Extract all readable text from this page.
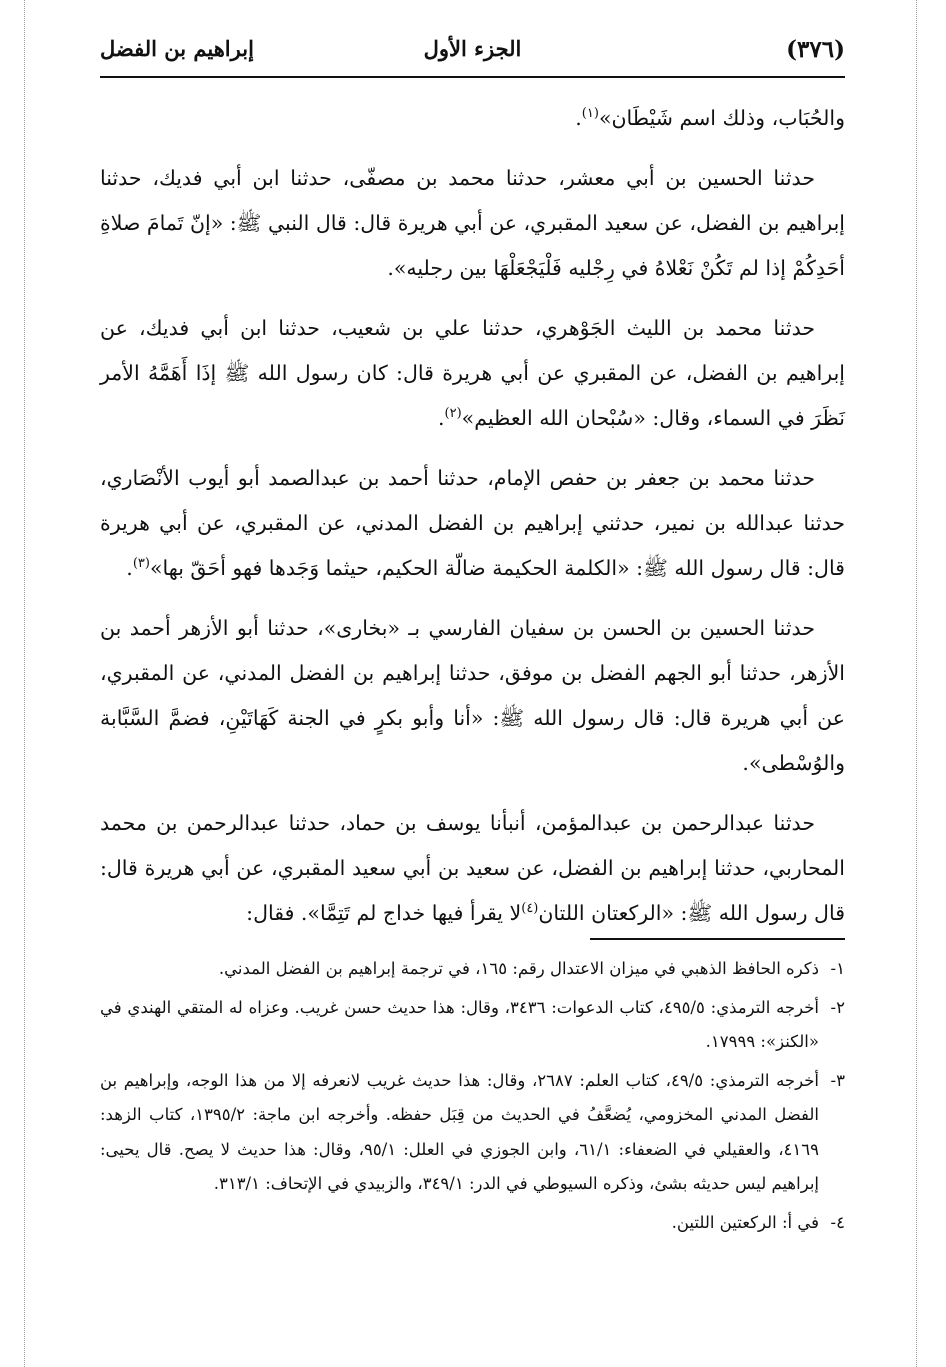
(٣٧٦)
الجزء الأول
إبراهيم بن الفضل

والحُبَاب، وذلك اسم شَيْطَان»$^{(١)}$.

حدثنا الحسين بن أبي معشر، حدثنا محمد بن مصفّى، حدثنا ابن أبي فديك، حدثنا إبراهيم بن الفضل، عن سعيد المقبري، عن أبي هريرة قال: قال النبي ﷺ: «إنّ تَمامَ صلاةِ أحَدِكُمْ إذا لم تَكُنْ نَعْلاهُ في رِجْليه فَلْيَجْعَلْهَا بين رجليه».

حدثنا محمد بن الليث الجَوْهري، حدثنا علي بن شعيب، حدثنا ابن أبي فديك، عن إبراهيم بن الفضل، عن المقبري عن أبي هريرة قال: كان رسول الله ﷺ إذَا أَهَمَّهُ الأمر نَظَرَ في السماء، وقال: «سُبْحان الله العظيم»$^{(٢)}$.

حدثنا محمد بن جعفر بن حفص الإمام، حدثنا أحمد بن عبدالصمد أبو أيوب الأنْصَاري، حدثنا عبدالله بن نمير، حدثني إبراهيم بن الفضل المدني، عن المقبري، عن أبي هريرة قال: قال رسول الله ﷺ: «الكلمة الحكيمة ضالّة الحكيم، حيثما وَجَدها فهو أحَقّ بها»$^{(٣)}$.

حدثنا الحسين بن الحسن بن سفيان الفارسي بـ «بخارى»، حدثنا أبو الأزهر أحمد بن الأزهر، حدثنا أبو الجهم الفضل بن موفق، حدثنا إبراهيم بن الفضل المدني، عن المقبري، عن أبي هريرة قال: قال رسول الله ﷺ: «أنا وأبو بكرٍ في الجنة كَهَاتَيْنِ، فضمَّ السَّبَّابة والوُسْطى».

حدثنا عبدالرحمن بن عبدالمؤمن، أنبأنا يوسف بن حماد، حدثنا عبدالرحمن بن محمد المحاربي، حدثنا إبراهيم بن الفضل، عن سعيد بن أبي سعيد المقبري، عن أبي هريرة قال: قال رسول الله ﷺ: «الركعتان اللتان$^{(٤)}$لا يقرأ فيها خداج لم تَتِمَّا». فقال:

١-
ذكره الحافظ الذهبي في ميزان الاعتدال رقم: ١٦٥، في ترجمة إبراهيم بن الفضل المدني.

٢-
أخرجه الترمذي: ٤٩٥/٥، كتاب الدعوات: ٣٤٣٦، وقال: هذا حديث حسن غريب. وعزاه له المتقي الهندي في «الكنز»: ١٧٩٩٩.

٣-
أخرجه الترمذي: ٤٩/٥، كتاب العلم: ٢٦٨٧، وقال: هذا حديث غريب لانعرفه إلا من هذا الوجه، وإبراهيم بن الفضل المدني المخزومي، يُضعَّفُ في الحديث من قِبَل حفظه. وأخرجه ابن ماجة: ١٣٩٥/٢، كتاب الزهد: ٤١٦٩، والعقيلي في الضعفاء: ٦١/١، وابن الجوزي في العلل: ٩٥/١، وقال: هذا حديث لا يصح. قال يحيى: إبراهيم ليس حديثه بشئ، وذكره السيوطي في الدر: ٣٤٩/١، والزبيدي في الإتحاف: ٣١٣/١.

٤-
في أ: الركعتين اللتين.
